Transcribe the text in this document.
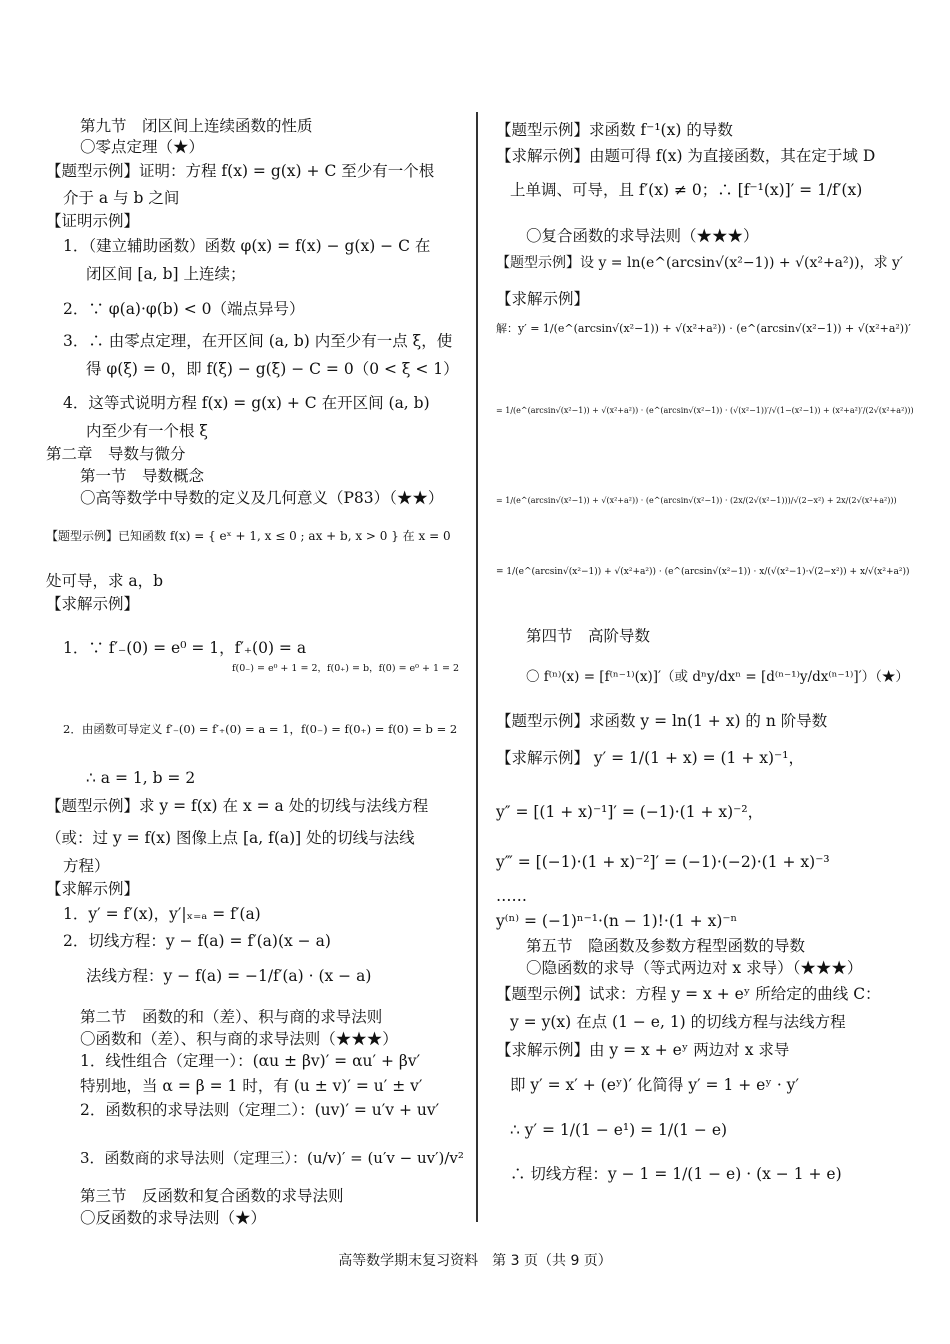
第九节　闭区间上连续函数的性质
〇零点定理（★）
【题型示例】证明：方程 f(x) = g(x) + C 至少有一个根
介于 a 与 b 之间
【证明示例】
1．（建立辅助函数）函数 φ(x) = f(x) − g(x) − C 在
闭区间 [a, b] 上连续；
2．∵ φ(a)·φ(b) < 0（端点异号）
3．∴ 由零点定理，在开区间 (a, b) 内至少有一点 ξ，使
得 φ(ξ) = 0，即 f(ξ) − g(ξ) − C = 0（0 < ξ < 1）
4．这等式说明方程 f(x) = g(x) + C 在开区间 (a, b)
内至少有一个根 ξ
第二章　导数与微分
第一节　导数概念
〇高等数学中导数的定义及几何意义（P83）（★★）
【题型示例】已知函数 f(x) = { eˣ + 1, x ≤ 0 ; ax + b, x > 0 } 在 x = 0
处可导，求 a，b
【求解示例】
1．∵ f′₋(0) = e⁰ = 1，f′₊(0) = a
f(0₋) = e⁰ + 1 = 2，f(0₊) = b，f(0) = e⁰ + 1 = 2
2．由函数可导定义 f′₋(0) = f′₊(0) = a = 1，f(0₋) = f(0₊) = f(0) = b = 2
∴ a = 1, b = 2
【题型示例】求 y = f(x) 在 x = a 处的切线与法线方程
（或：过 y = f(x) 图像上点 [a, f(a)] 处的切线与法线
方程）
【求解示例】
1．y′ = f′(x)，y′|ₓ₌ₐ = f′(a)
2．切线方程：y − f(a) = f′(a)(x − a)
法线方程：y − f(a) = −1/f′(a) · (x − a)
第二节　函数的和（差）、积与商的求导法则
〇函数和（差）、积与商的求导法则（★★★）
1．线性组合（定理一）：(αu ± βv)′ = αu′ + βv′
特别地，当 α = β = 1 时，有 (u ± v)′ = u′ ± v′
2．函数积的求导法则（定理二）：(uv)′ = u′v + uv′
3．函数商的求导法则（定理三）：(u/v)′ = (u′v − uv′)/v²
第三节　反函数和复合函数的求导法则
〇反函数的求导法则（★）
【题型示例】求函数 f⁻¹(x) 的导数
【求解示例】由题可得 f(x) 为直接函数，其在定于域 D
上单调、可导，且 f′(x) ≠ 0；∴ [f⁻¹(x)]′ = 1/f′(x)
〇复合函数的求导法则（★★★）
【题型示例】设 y = ln(e^(arcsin√(x²−1)) + √(x²+a²))，求 y′
【求解示例】
解：y′ = 1/(e^(arcsin√(x²−1)) + √(x²+a²)) · (e^(arcsin√(x²−1)) + √(x²+a²))′
= 1/(e^(arcsin√(x²−1)) + √(x²+a²)) · (e^(arcsin√(x²−1)) · (√(x²−1))′/√(1−(x²−1)) + (x²+a²)′/(2√(x²+a²)))
= 1/(e^(arcsin√(x²−1)) + √(x²+a²)) · (e^(arcsin√(x²−1)) · (2x/(2√(x²−1)))/√(2−x²) + 2x/(2√(x²+a²)))
= 1/(e^(arcsin√(x²−1)) + √(x²+a²)) · (e^(arcsin√(x²−1)) · x/(√(x²−1)·√(2−x²)) + x/√(x²+a²))
第四节　高阶导数
〇 f⁽ⁿ⁾(x) = [f⁽ⁿ⁻¹⁾(x)]′（或 dⁿy/dxⁿ = [d⁽ⁿ⁻¹⁾y/dx⁽ⁿ⁻¹⁾]′）（★）
【题型示例】求函数 y = ln(1 + x) 的 n 阶导数
【求解示例】 y′ = 1/(1 + x) = (1 + x)⁻¹，
y″ = [(1 + x)⁻¹]′ = (−1)·(1 + x)⁻²，
y‴ = [(−1)·(1 + x)⁻²]′ = (−1)·(−2)·(1 + x)⁻³
……
y⁽ⁿ⁾ = (−1)ⁿ⁻¹·(n − 1)!·(1 + x)⁻ⁿ
第五节　隐函数及参数方程型函数的导数
〇隐函数的求导（等式两边对 x 求导）（★★★）
【题型示例】试求：方程 y = x + eʸ 所给定的曲线 C：
y = y(x) 在点 (1 − e, 1) 的切线方程与法线方程
【求解示例】由 y = x + eʸ 两边对 x 求导
即 y′ = x′ + (eʸ)′ 化简得 y′ = 1 + eʸ · y′
∴ y′ = 1/(1 − e¹) = 1/(1 − e)
∴ 切线方程：y − 1 = 1/(1 − e) · (x − 1 + e)
高等数学期末复习资料　第 3 页（共 9 页）
